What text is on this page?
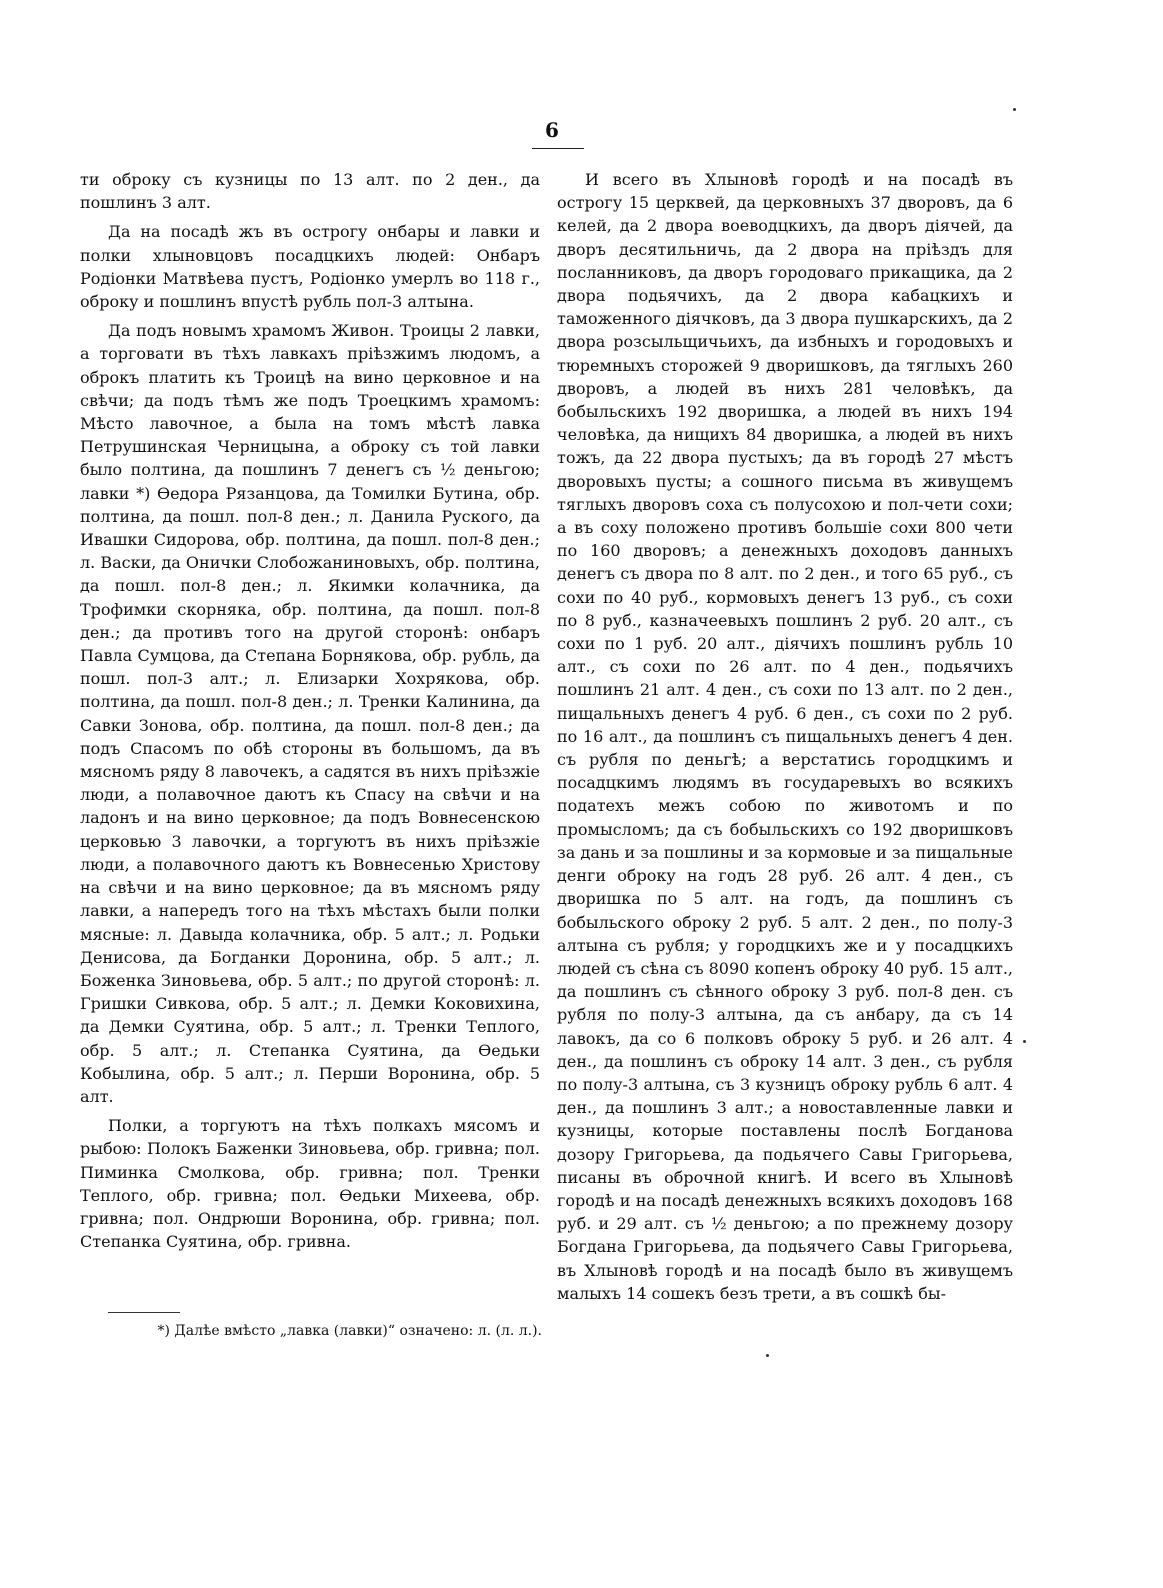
6

ти оброку съ кузницы по 13 алт. по 2 ден., да пошлинъ 3 алт.

Да на посадѣ жъ въ острогу онбары и лавки и полки хлыновцовъ посадцкихъ людей: Онбаръ Родіонки Матвѣева пустъ, Родіонко умерлъ во 118 г., оброку и пошлинъ впустѣ рубль пол-3 алтына.

Да подъ новымъ храмомъ Живон. Троицы 2 лавки, а торговати въ тѣхъ лавкахъ пріѣзжимъ людомъ, а оброкъ платить къ Троицѣ на вино церковное и на свѣчи; да подъ тѣмъ же подъ Троецкимъ храмомъ: Мѣсто лавочное, а была на томъ мѣстѣ лавка Петрушинская Черницына, а оброку съ той лавки было полтина, да пошлинъ 7 денегъ съ ½ деньгою; лавки *) Ѳедора Рязанцова, да Томилки Бутина, обр. полтина, да пошл. пол-8 ден.; л. Данила Руского, да Ивашки Сидорова, обр. полтина, да пошл. пол-8 ден.; л. Васки, да Онички Слобожаниновыхъ, обр. полтина, да пошл. пол-8 ден.; л. Якимки колачника, да Трофимки скорняка, обр. полтина, да пошл. пол-8 ден.; да противъ того на другой сторонѣ: онбаръ Павла Сумцова, да Степана Борнякова, обр. рубль, да пошл. пол-3 алт.; л. Елизарки Хохрякова, обр. полтина, да пошл. пол-8 ден.; л. Тренки Калинина, да Савки Зонова, обр. полтина, да пошл. пол-8 ден.; да подъ Спасомъ по обѣ стороны въ большомъ, да въ мясномъ ряду 8 лавочекъ, а садятся въ нихъ пріѣзжіе люди, а полавочное даютъ къ Спасу на свѣчи и на ладонъ и на вино церковное; да подъ Вовнесенскою церковью 3 лавочки, а торгуютъ въ нихъ пріѣзжіе люди, а полавочного даютъ къ Вовнесенью Христову на свѣчи и на вино церковное; да въ мясномъ ряду лавки, а напередъ того на тѣхъ мѣстахъ были полки мясные: л. Давыда колачника, обр. 5 алт.; л. Родьки Денисова, да Богданки Доронина, обр. 5 алт.; л. Боженка Зиновьева, обр. 5 алт.; по другой сторонѣ: л. Гришки Сивкова, обр. 5 алт.; л. Демки Коковихина, да Демки Суятина, обр. 5 алт.; л. Тренки Теплого, обр. 5 алт.; л. Степанка Суятина, да Ѳедьки Кобылина, обр. 5 алт.; л. Перши Воронина, обр. 5 алт.

Полки, а торгуютъ на тѣхъ полкахъ мясомъ и рыбою: Полокъ Баженки Зиновьева, обр. гривна; пол. Пиминка Смолкова, обр. гривна; пол. Тренки Теплого, обр. гривна; пол. Ѳедьки Михеева, обр. гривна; пол. Ондрюши Воронина, обр. гривна; пол. Степанка Суятина, обр. гривна.

*) Далѣе вмѣсто „лавка (лавки)“ означено: л. (л. л.).

И всего въ Хлыновѣ городѣ и на посадѣ въ острогу 15 церквей, да церковныхъ 37 дворовъ, да 6 келей, да 2 двора воеводцкихъ, да дворъ дiячей, да дворъ десятильничь, да 2 двора на пріѣздъ для посланниковъ, да дворъ городоваго прикащика, да 2 двора подьячихъ, да 2 двора кабацкихъ и таможенного дiячковъ, да 3 двора пушкарскихъ, да 2 двора розсыльщичьихъ, да избныхъ и городовыхъ и тюремныхъ сторожей 9 дворишковъ, да тяглыхъ 260 дворовъ, а людей въ нихъ 281 человѣкъ, да бобыльскихъ 192 дворишка, а людей въ нихъ 194 человѣка, да нищихъ 84 дворишка, а людей въ нихъ тожъ, да 22 двора пустыхъ; да въ городѣ 27 мѣстъ дворовыхъ пусты; а сошного письма въ живущемъ тяглыхъ дворовъ соха съ полусохою и пол-чети сохи; а въ соху положено противъ большіе сохи 800 чети по 160 дворовъ; а денежныхъ доходовъ данныхъ денегъ съ двора по 8 алт. по 2 ден., и того 65 руб., съ сохи по 40 руб., кормовыхъ денегъ 13 руб., съ сохи по 8 руб., казначеевыхъ пошлинъ 2 руб. 20 алт., съ сохи по 1 руб. 20 алт., дiячихъ пошлинъ рубль 10 алт., съ сохи по 26 алт. по 4 ден., подьячихъ пошлинъ 21 алт. 4 ден., съ сохи по 13 алт. по 2 ден., пищальныхъ денегъ 4 руб. 6 ден., съ сохи по 2 руб. по 16 алт., да пошлинъ съ пищальныхъ денегъ 4 ден. съ рубля по деньгѣ; а верстатись городцкимъ и посадцкимъ людямъ въ государевыхъ во всякихъ податехъ межъ собою по животомъ и по промысломъ; да съ бобыльскихъ со 192 дворишковъ за дань и за пошлины и за кормовые и за пищальные денги оброку на годъ 28 руб. 26 алт. 4 ден., съ дворишка по 5 алт. на годъ, да пошлинъ съ бобыльского оброку 2 руб. 5 алт. 2 ден., по полу-3 алтына съ рубля; у городцкихъ же и у посадцкихъ людей съ сѣна съ 8090 копенъ оброку 40 руб. 15 алт., да пошлинъ съ сѣнного оброку 3 руб. пол-8 ден. съ рубля по полу-3 алтына, да съ анбару, да съ 14 лавокъ, да со 6 полковъ оброку 5 руб. и 26 алт. 4 ден., да пошлинъ съ оброку 14 алт. 3 ден., съ рубля по полу-3 алтына, съ 3 кузницъ оброку рубль 6 алт. 4 ден., да пошлинъ 3 алт.; а новоставленные лавки и кузницы, которые поставлены послѣ Богданова дозору Григорьева, да подьячего Савы Григорьева, писаны въ оброчной книгѣ. И всего въ Хлыновѣ городѣ и на посадѣ денежныхъ всякихъ доходовъ 168 руб. и 29 алт. съ ½ деньгою; а по прежнему дозору Богдана Григорьева, да подьячего Савы Григорьева, въ Хлыновѣ городѣ и на посадѣ было въ живущемъ малыхъ 14 сошекъ безъ трети, а въ сошкѣ бы-
